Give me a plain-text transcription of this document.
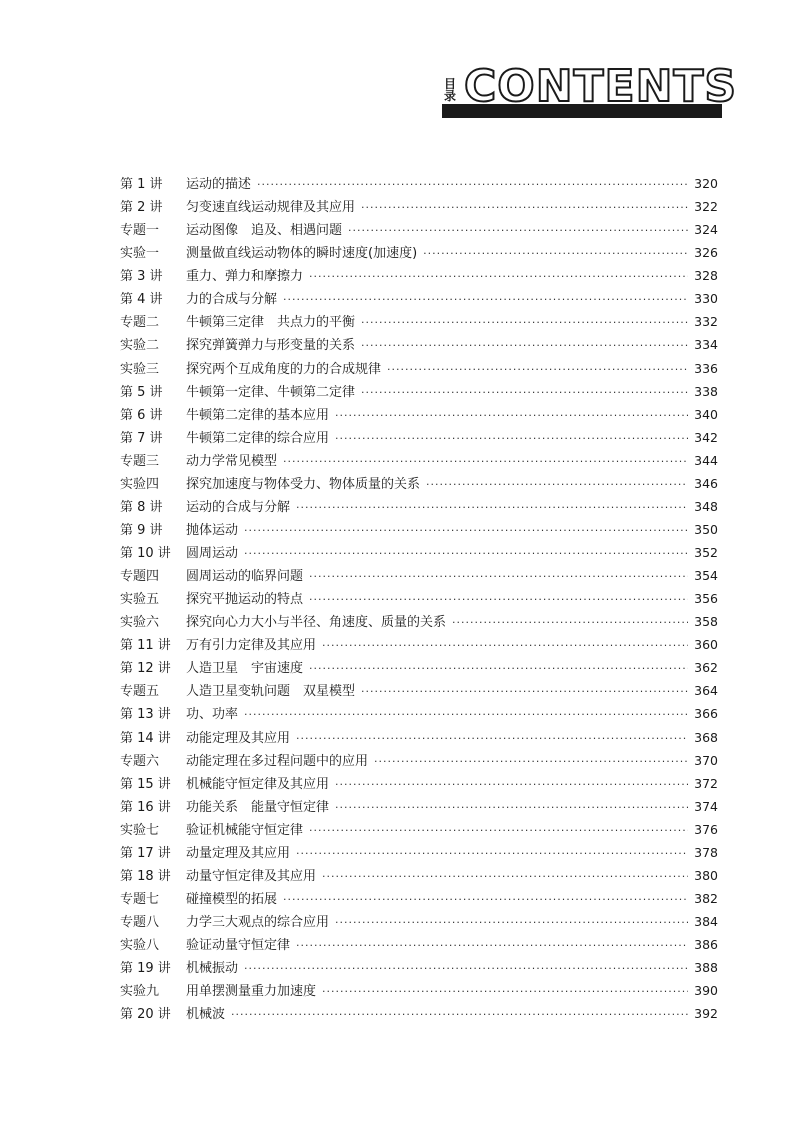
目
录 CONTENTS
第 1 讲	运动的描述 ·····	320
第 2 讲	匀变速直线运动规律及其应用 ·····	322
专题一	运动图像　追及、相遇问题 ·····	324
实验一	测量做直线运动物体的瞬时速度(加速度) ·····	326
第 3 讲	重力、弹力和摩擦力 ·····	328
第 4 讲	力的合成与分解 ·····	330
专题二	牛顿第三定律　共点力的平衡 ·····	332
实验二	探究弹簧弹力与形变量的关系 ·····	334
实验三	探究两个互成角度的力的合成规律 ·····	336
第 5 讲	牛顿第一定律、牛顿第二定律 ·····	338
第 6 讲	牛顿第二定律的基本应用 ·····	340
第 7 讲	牛顿第二定律的综合应用 ·····	342
专题三	动力学常见模型 ·····	344
实验四	探究加速度与物体受力、物体质量的关系 ·····	346
第 8 讲	运动的合成与分解 ·····	348
第 9 讲	抛体运动 ·····	350
第 10 讲	圆周运动 ·····	352
专题四	圆周运动的临界问题 ·····	354
实验五	探究平抛运动的特点 ·····	356
实验六	探究向心力大小与半径、角速度、质量的关系 ·····	358
第 11 讲	万有引力定律及其应用 ·····	360
第 12 讲	人造卫星　宇宙速度 ·····	362
专题五	人造卫星变轨问题　双星模型 ·····	364
第 13 讲	功、功率 ·····	366
第 14 讲	动能定理及其应用 ·····	368
专题六	动能定理在多过程问题中的应用 ·····	370
第 15 讲	机械能守恒定律及其应用 ·····	372
第 16 讲	功能关系　能量守恒定律 ·····	374
实验七	验证机械能守恒定律 ·····	376
第 17 讲	动量定理及其应用 ·····	378
第 18 讲	动量守恒定律及其应用 ·····	380
专题七	碰撞模型的拓展 ·····	382
专题八	力学三大观点的综合应用 ·····	384
实验八	验证动量守恒定律 ·····	386
第 19 讲	机械振动 ·····	388
实验九	用单摆测量重力加速度 ·····	390
第 20 讲	机械波 ·····	392
